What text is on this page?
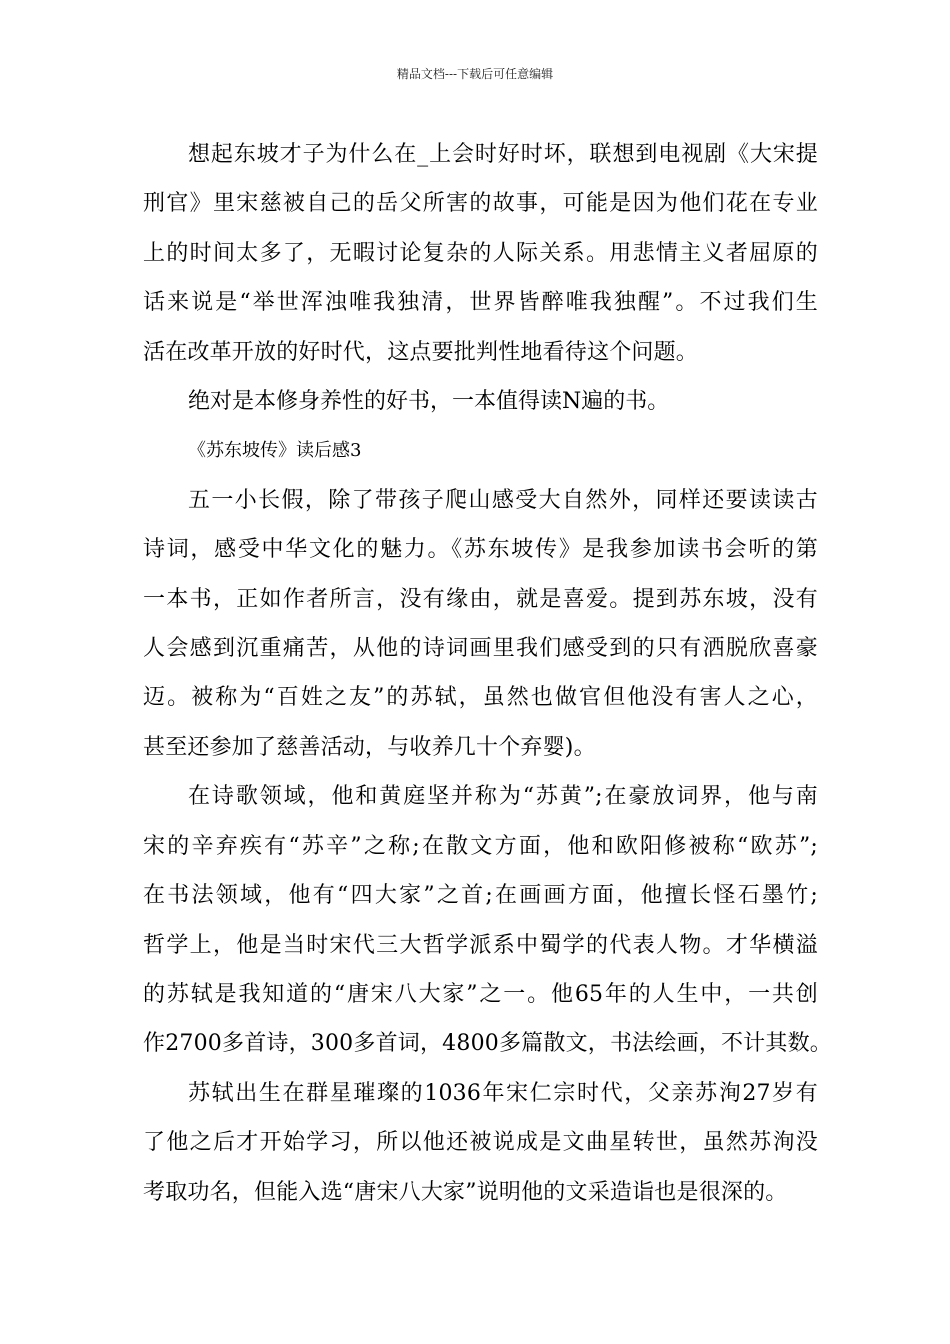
精品文档---下载后可任意编辑
想起东坡才子为什么在_上会时好时坏，联想到电视剧《大宋提
刑官》里宋慈被自己的岳父所害的故事，可能是因为他们花在专业
上的时间太多了，无暇讨论复杂的人际关系。用悲情主义者屈原的
话来说是“举世浑浊唯我独清，世界皆醉唯我独醒”。不过我们生
活在改革开放的好时代，这点要批判性地看待这个问题。
绝对是本修身养性的好书，一本值得读N遍的书。
《苏东坡传》读后感3
五一小长假，除了带孩子爬山感受大自然外，同样还要读读古
诗词，感受中华文化的魅力。《苏东坡传》是我参加读书会听的第
一本书，正如作者所言，没有缘由，就是喜爱。提到苏东坡，没有
人会感到沉重痛苦，从他的诗词画里我们感受到的只有洒脱欣喜豪
迈。被称为“百姓之友”的苏轼，虽然也做官但他没有害人之心，
甚至还参加了慈善活动，与收养几十个弃婴)。
在诗歌领域，他和黄庭坚并称为“苏黄”;在豪放词界，他与南
宋的辛弃疾有“苏辛”之称;在散文方面，他和欧阳修被称“欧苏”;
在书法领域，他有“四大家”之首;在画画方面，他擅长怪石墨竹;
哲学上，他是当时宋代三大哲学派系中蜀学的代表人物。才华横溢
的苏轼是我知道的“唐宋八大家”之一。他65年的人生中，一共创
作2700多首诗，300多首词，4800多篇散文，书法绘画，不计其数。
苏轼出生在群星璀璨的1036年宋仁宗时代，父亲苏洵27岁有
了他之后才开始学习，所以他还被说成是文曲星转世，虽然苏洵没
考取功名，但能入选“唐宋八大家”说明他的文采造诣也是很深的。
